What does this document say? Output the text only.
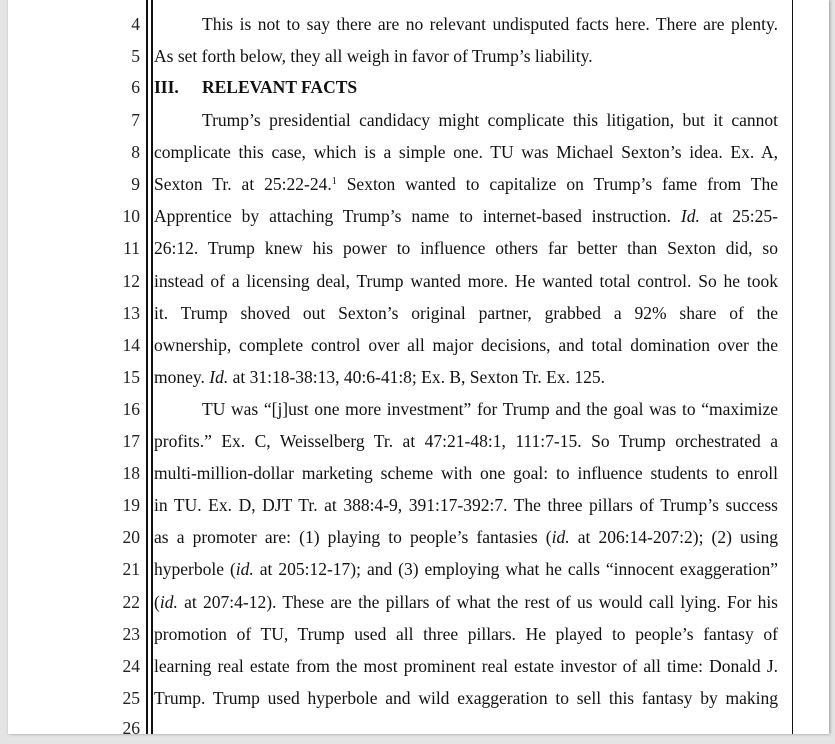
4	This is not to say there are no relevant undisputed facts here. There are plenty.
5 As set forth below, they all weigh in favor of Trump’s liability.
6 III. RELEVANT FACTS
7	Trump’s presidential candidacy might complicate this litigation, but it cannot
8 complicate this case, which is a simple one. TU was Michael Sexton’s idea. Ex. A,
9 Sexton Tr. at 25:22-24.$^1$ Sexton wanted to capitalize on Trump’s fame from The
10 Apprentice by attaching Trump’s name to internet-based instruction. Id. at 25:25-
11 26:12. Trump knew his power to influence others far better than Sexton did, so
12 instead of a licensing deal, Trump wanted more. He wanted total control. So he took
13 it. Trump shoved out Sexton’s original partner, grabbed a 92% share of the
14 ownership, complete control over all major decisions, and total domination over the
15 money. Id. at 31:18-38:13, 40:6-41:8; Ex. B, Sexton Tr. Ex. 125.
16	TU was “[j]ust one more investment” for Trump and the goal was to “maximize
17 profits.” Ex. C, Weisselberg Tr. at 47:21-48:1, 111:7-15. So Trump orchestrated a
18 multi-million-dollar marketing scheme with one goal: to influence students to enroll
19 in TU. Ex. D, DJT Tr. at 388:4-9, 391:17-392:7. The three pillars of Trump’s success
20 as a promoter are: (1) playing to people’s fantasies (id. at 206:14-207:2); (2) using
21 hyperbole (id. at 205:12-17); and (3) employing what he calls “innocent exaggeration”
22 (id. at 207:4-12). These are the pillars of what the rest of us would call lying. For his
23 promotion of TU, Trump used all three pillars. He played to people’s fantasy of
24 learning real estate from the most prominent real estate investor of all time: Donald J.
25 Trump. Trump used hyperbole and wild exaggeration to sell this fantasy by making
26
